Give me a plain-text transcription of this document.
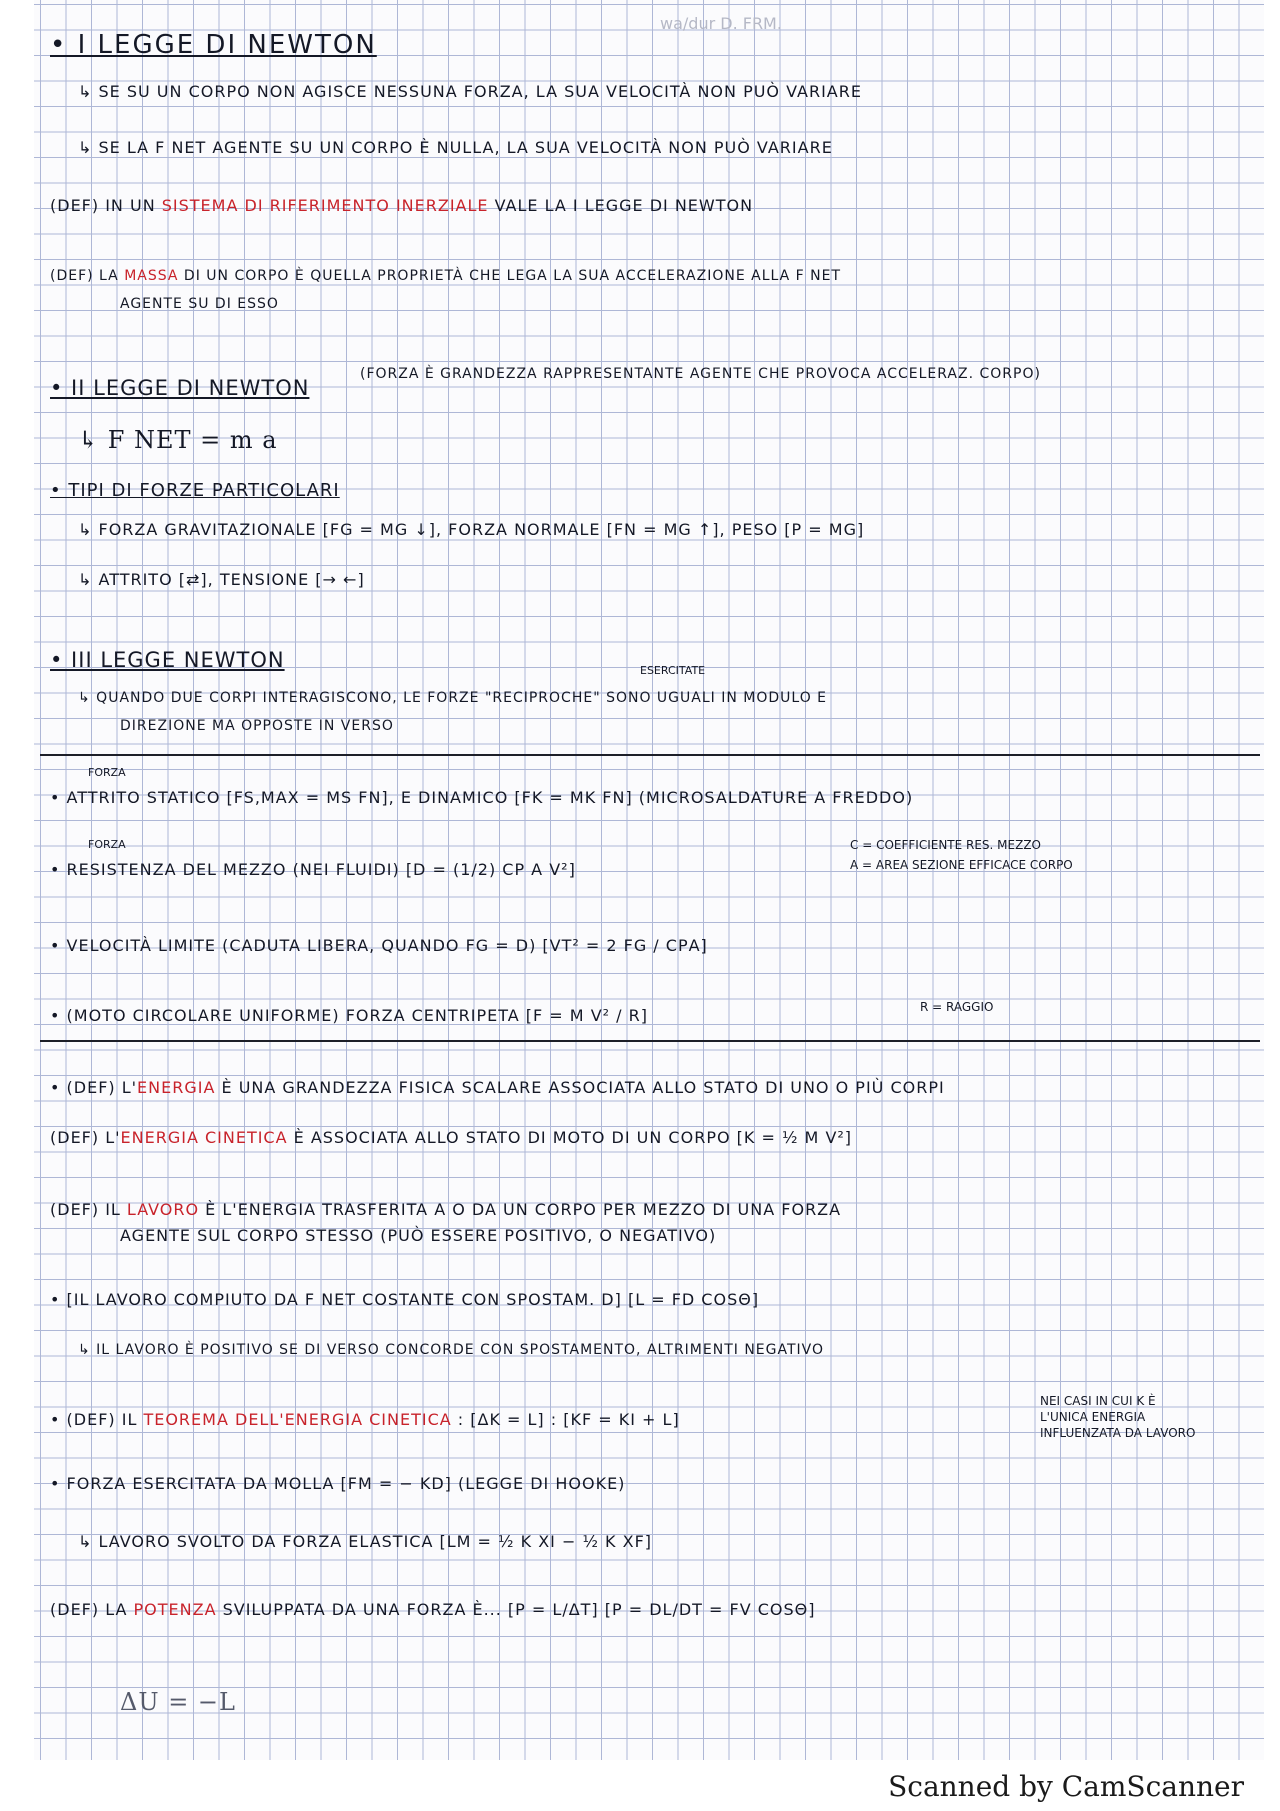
wa/dur D. FRM.
• I LEGGE DI NEWTON
↳ SE SU UN CORPO NON AGISCE NESSUNA FORZA, LA SUA VELOCITÀ NON PUÒ VARIARE
↳ SE LA F NET AGENTE SU UN CORPO È NULLA, LA SUA VELOCITÀ NON PUÒ VARIARE
(DEF) IN UN SISTEMA DI RIFERIMENTO INERZIALE VALE LA I LEGGE DI NEWTON
(DEF) LA MASSA DI UN CORPO È QUELLA PROPRIETÀ CHE LEGA LA SUA ACCELERAZIONE ALLA F NET
AGENTE SU DI ESSO
• II LEGGE DI NEWTON
(FORZA È GRANDEZZA RAPPRESENTANTE AGENTE CHE PROVOCA ACCELERAZ. CORPO)
↳ F NET = m a
• TIPI DI FORZE PARTICOLARI
↳ FORZA GRAVITAZIONALE [FG = MG ↓], FORZA NORMALE [FN = MG ↑], PESO [P = MG]
↳ ATTRITO [⇄], TENSIONE [→ ←]
• III LEGGE NEWTON	ESERCITATE
↳ QUANDO DUE CORPI INTERAGISCONO, LE FORZE "RECIPROCHE" SONO UGUALI IN MODULO E
DIREZIONE MA OPPOSTE IN VERSO
FORZA
• ATTRITO STATICO [FS,MAX = ΜS FN], E DINAMICO [FK = ΜK FN] (MICROSALDATURE A FREDDO)
FORZA
• RESISTENZA DEL MEZZO (NEI FLUIDI) [D = (1/2) CΡ A V²]
C = COEFFICIENTE RES. MEZZO
A = AREA SEZIONE EFFICACE CORPO
• VELOCITÀ LIMITE (CADUTA LIBERA, QUANDO FG = D) [VT² = 2 FG / CΡA]
• (MOTO CIRCOLARE UNIFORME) FORZA CENTRIPETA [F = M V² / R]	R = RAGGIO
• (DEF) L'ENERGIA È UNA GRANDEZZA FISICA SCALARE ASSOCIATA ALLO STATO DI UNO O PIÙ CORPI
(DEF) L'ENERGIA CINETICA È ASSOCIATA ALLO STATO DI MOTO DI UN CORPO [K = ½ M V²]
(DEF) IL LAVORO È L'ENERGIA TRASFERITA A O DA UN CORPO PER MEZZO DI UNA FORZA
AGENTE SUL CORPO STESSO (PUÒ ESSERE POSITIVO, O NEGATIVO)
• [IL LAVORO COMPIUTO DA F NET COSTANTE CON SPOSTAM. D] [L = FD COSΘ]
↳ IL LAVORO È POSITIVO SE DI VERSO CONCORDE CON SPOSTAMENTO, ALTRIMENTI NEGATIVO
• (DEF) IL TEOREMA DELL'ENERGIA CINETICA : [ΔK = L] : [KF = KI + L]
NEI CASI IN CUI K È
L'UNICA ENERGIA
INFLUENZATA DA LAVORO
• FORZA ESERCITATA DA MOLLA [FM = − KD] (LEGGE DI HOOKE)
↳ LAVORO SVOLTO DA FORZA ELASTICA [LM = ½ K XI − ½ K XF]
(DEF) LA POTENZA SVILUPPATA DA UNA FORZA È... [P = L/ΔT] [P = DL/DT = FV COSΘ]
ΔU = −L
Scanned by CamScanner
